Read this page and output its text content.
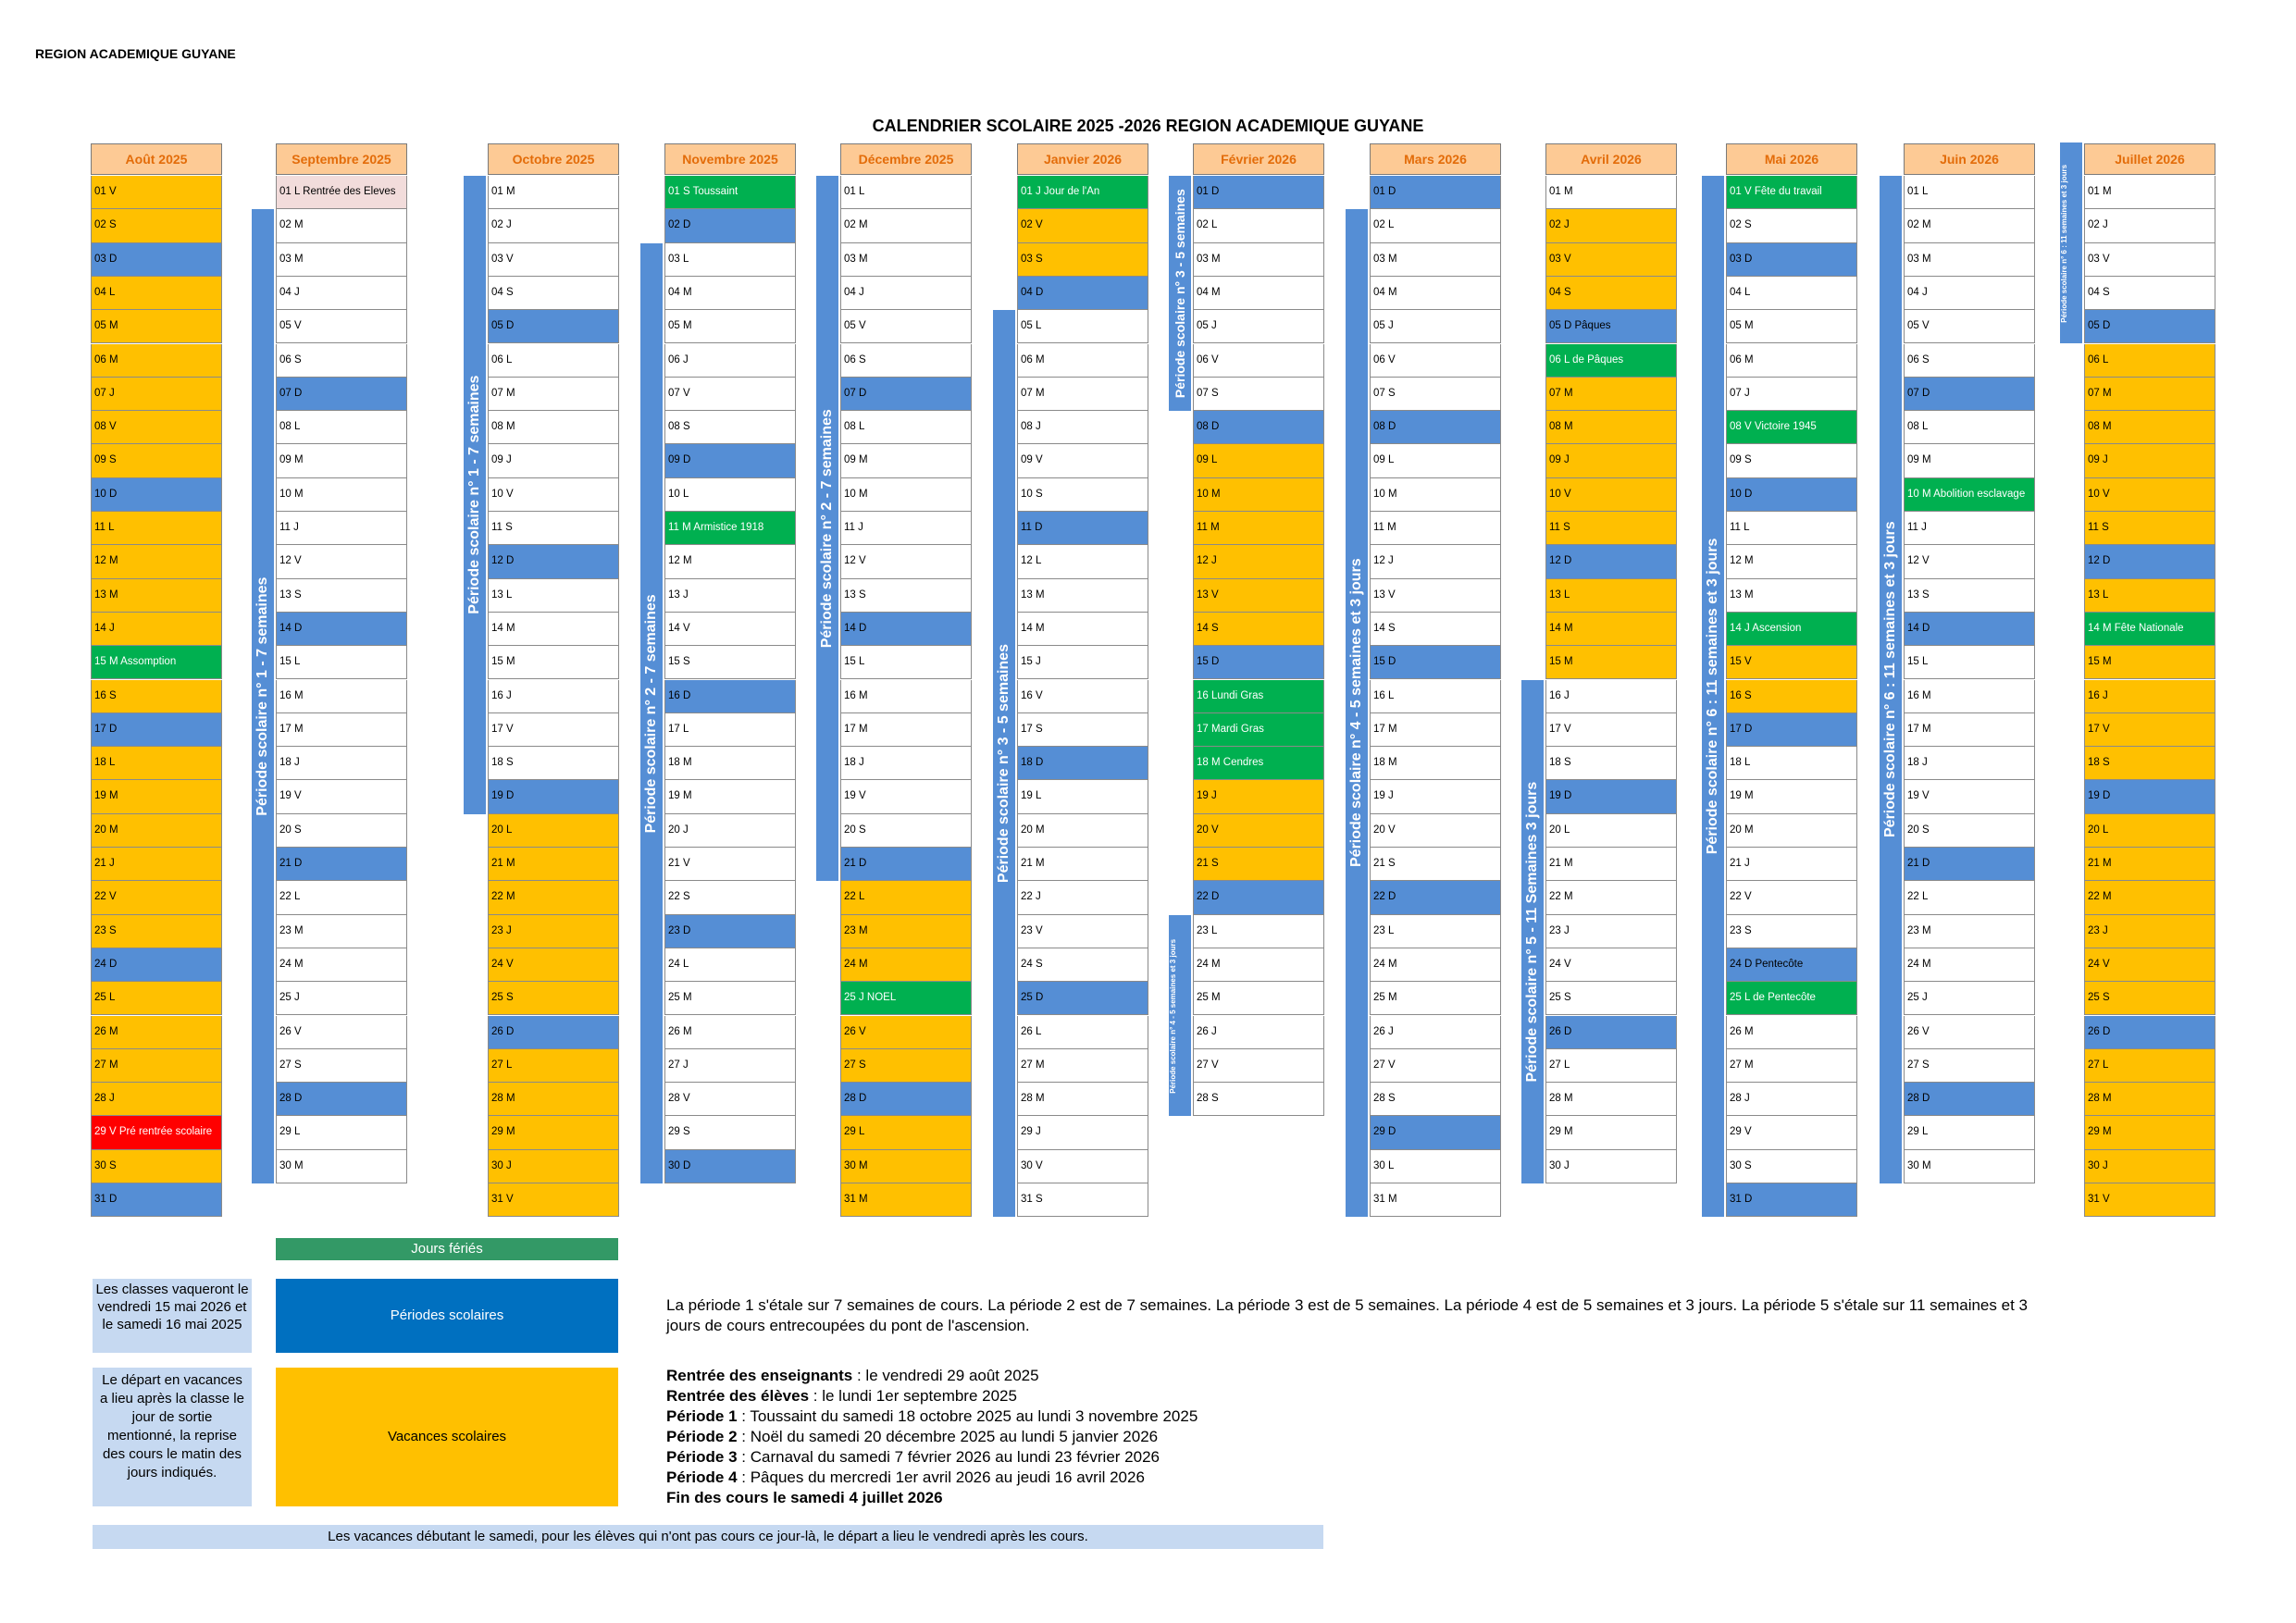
REGION ACADEMIQUE GUYANE
CALENDRIER SCOLAIRE 2025 -2026 REGION ACADEMIQUE GUYANE
Août 2025
01 V
02 S
03 D
04 L
05 M
06 M
07 J
08 V
09 S
10 D
11 L
12 M
13 M
14 J
15 M Assomption
16 S
17 D
18 L
19 M
20 M
21 J
22 V
23 S
24 D
25 L
26 M
27 M
28 J
29 V Pré rentrée scolaire
30 S
31 D
Septembre 2025
01 L Rentrée des Eleves
02 M
03 M
04 J
05 V
06 S
07 D
08 L
09 M
10 M
11 J
12 V
13 S
14 D
15 L
16 M
17 M
18 J
19 V
20 S
21 D
22 L
23 M
24 M
25 J
26 V
27 S
28 D
29 L
30 M
Octobre 2025
01 M
02 J
03 V
04 S
05 D
06 L
07 M
08 M
09 J
10 V
11 S
12 D
13 L
14 M
15 M
16 J
17 V
18 S
19 D
20 L
21 M
22 M
23 J
24 V
25 S
26 D
27 L
28 M
29 M
30 J
31 V
Novembre 2025
01 S Toussaint
02 D
03 L
04 M
05 M
06 J
07 V
08 S
09 D
10 L
11 M Armistice 1918
12 M
13 J
14 V
15 S
16 D
17 L
18 M
19 M
20 J
21 V
22 S
23 D
24 L
25 M
26 M
27 J
28 V
29 S
30 D
Décembre 2025
01 L
02 M
03 M
04 J
05 V
06 S
07 D
08 L
09 M
10 M
11 J
12 V
13 S
14 D
15 L
16 M
17 M
18 J
19 V
20 S
21 D
22 L
23 M
24 M
25 J NOEL
26 V
27 S
28 D
29 L
30 M
31 M
Janvier 2026
01 J Jour de l'An
02 V
03 S
04 D
05 L
06 M
07 M
08 J
09 V
10 S
11 D
12 L
13 M
14 M
15 J
16 V
17 S
18 D
19 L
20 M
21 M
22 J
23 V
24 S
25 D
26 L
27 M
28 M
29 J
30 V
31 S
Février 2026
01 D
02 L
03 M
04 M
05 J
06 V
07 S
08 D
09 L
10 M
11 M
12 J
13 V
14 S
15 D
16 Lundi Gras
17 Mardi Gras
18 M Cendres
19 J
20 V
21 S
22 D
23 L
24 M
25 M
26 J
27 V
28 S
Mars 2026
01 D
02 L
03 M
04 M
05 J
06 V
07 S
08 D
09 L
10 M
11 M
12 J
13 V
14 S
15 D
16 L
17 M
18 M
19 J
20 V
21 S
22 D
23 L
24 M
25 M
26 J
27 V
28 S
29 D
30 L
31 M
Avril 2026
01 M
02 J
03 V
04 S
05 D Pâques
06 L de Pâques
07 M
08 M
09 J
10 V
11 S
12 D
13 L
14 M
15 M
16 J
17 V
18 S
19 D
20 L
21 M
22 M
23 J
24 V
25 S
26 D
27 L
28 M
29 M
30 J
Mai 2026
01 V Fête du travail
02 S
03 D
04 L
05 M
06 M
07 J
08 V Victoire 1945
09 S
10 D
11 L
12 M
13 M
14 J Ascension
15 V
16 S
17 D
18 L
19 M
20 M
21 J
22 V
23 S
24 D Pentecôte
25 L de Pentecôte
26 M
27 M
28 J
29 V
30 S
31 D
Juin 2026
01 L
02 M
03 M
04 J
05 V
06 S
07 D
08 L
09 M
10 M Abolition esclavage
11 J
12 V
13 S
14 D
15 L
16 M
17 M
18 J
19 V
20 S
21 D
22 L
23 M
24 M
25 J
26 V
27 S
28 D
29 L
30 M
Juillet 2026
01 M
02 J
03 V
04 S
05 D
06 L
07 M
08 M
09 J
10 V
11 S
12 D
13 L
14 M Fête Nationale
15 M
16 J
17 V
18 S
19 D
20 L
21 M
22 M
23 J
24 V
25 S
26 D
27 L
28 M
29 M
30 J
31 V
Période scolaire n° 1 - 7 semaines
Période scolaire n° 1 - 7 semaines
Période scolaire n° 2 - 7 semaines
Période scolaire n° 2 - 7 semaines
Période scolaire n° 3 - 5 semaines
Période scolaire n° 3 - 5 semaines
Période scolaire n° 4 - 5 semaines et 3 jours
Période scolaire n° 4 - 5 semaines et 3 jours	Période scolaire n° 5 - 11 Semaines 3 jours
Période scolaire n° 6 : 11 semaines et 3 jours	Période scolaire n° 6 : 11 semaines et 3 jours
Période scolaire n° 6 : 11 semaines et 3 jours
Jours fériés
Les classes vaqueront le vendredi 15 mai 2026 et le samedi 16 mai 2025
Périodes scolaires
Le départ en vacances a lieu après la classe le jour de sortie mentionné, la reprise des cours le matin des jours indiqués.
Vacances scolaires
Les vacances débutant le samedi, pour les élèves qui n'ont pas cours ce jour-là, le départ a lieu le vendredi après les cours.
La période 1 s'étale sur 7 semaines de cours. La période 2 est de 7 semaines. La période 3 est de 5 semaines. La période 4 est de 5 semaines et 3 jours. La période 5 s'étale sur 11 semaines et 3 jours de cours entrecoupées du pont de l'ascension.
Rentrée des enseignants : le vendredi 29 août 2025
Rentrée des élèves : le lundi 1er septembre 2025
Période 1 : Toussaint du samedi 18 octobre 2025 au lundi 3 novembre 2025
Période 2 : Noël du samedi 20 décembre 2025 au lundi 5 janvier 2026
Période 3 : Carnaval du samedi 7 février 2026 au lundi 23 février 2026
Période 4 : Pâques du mercredi 1er avril 2026 au jeudi 16 avril 2026
Fin des cours le samedi 4 juillet 2026
